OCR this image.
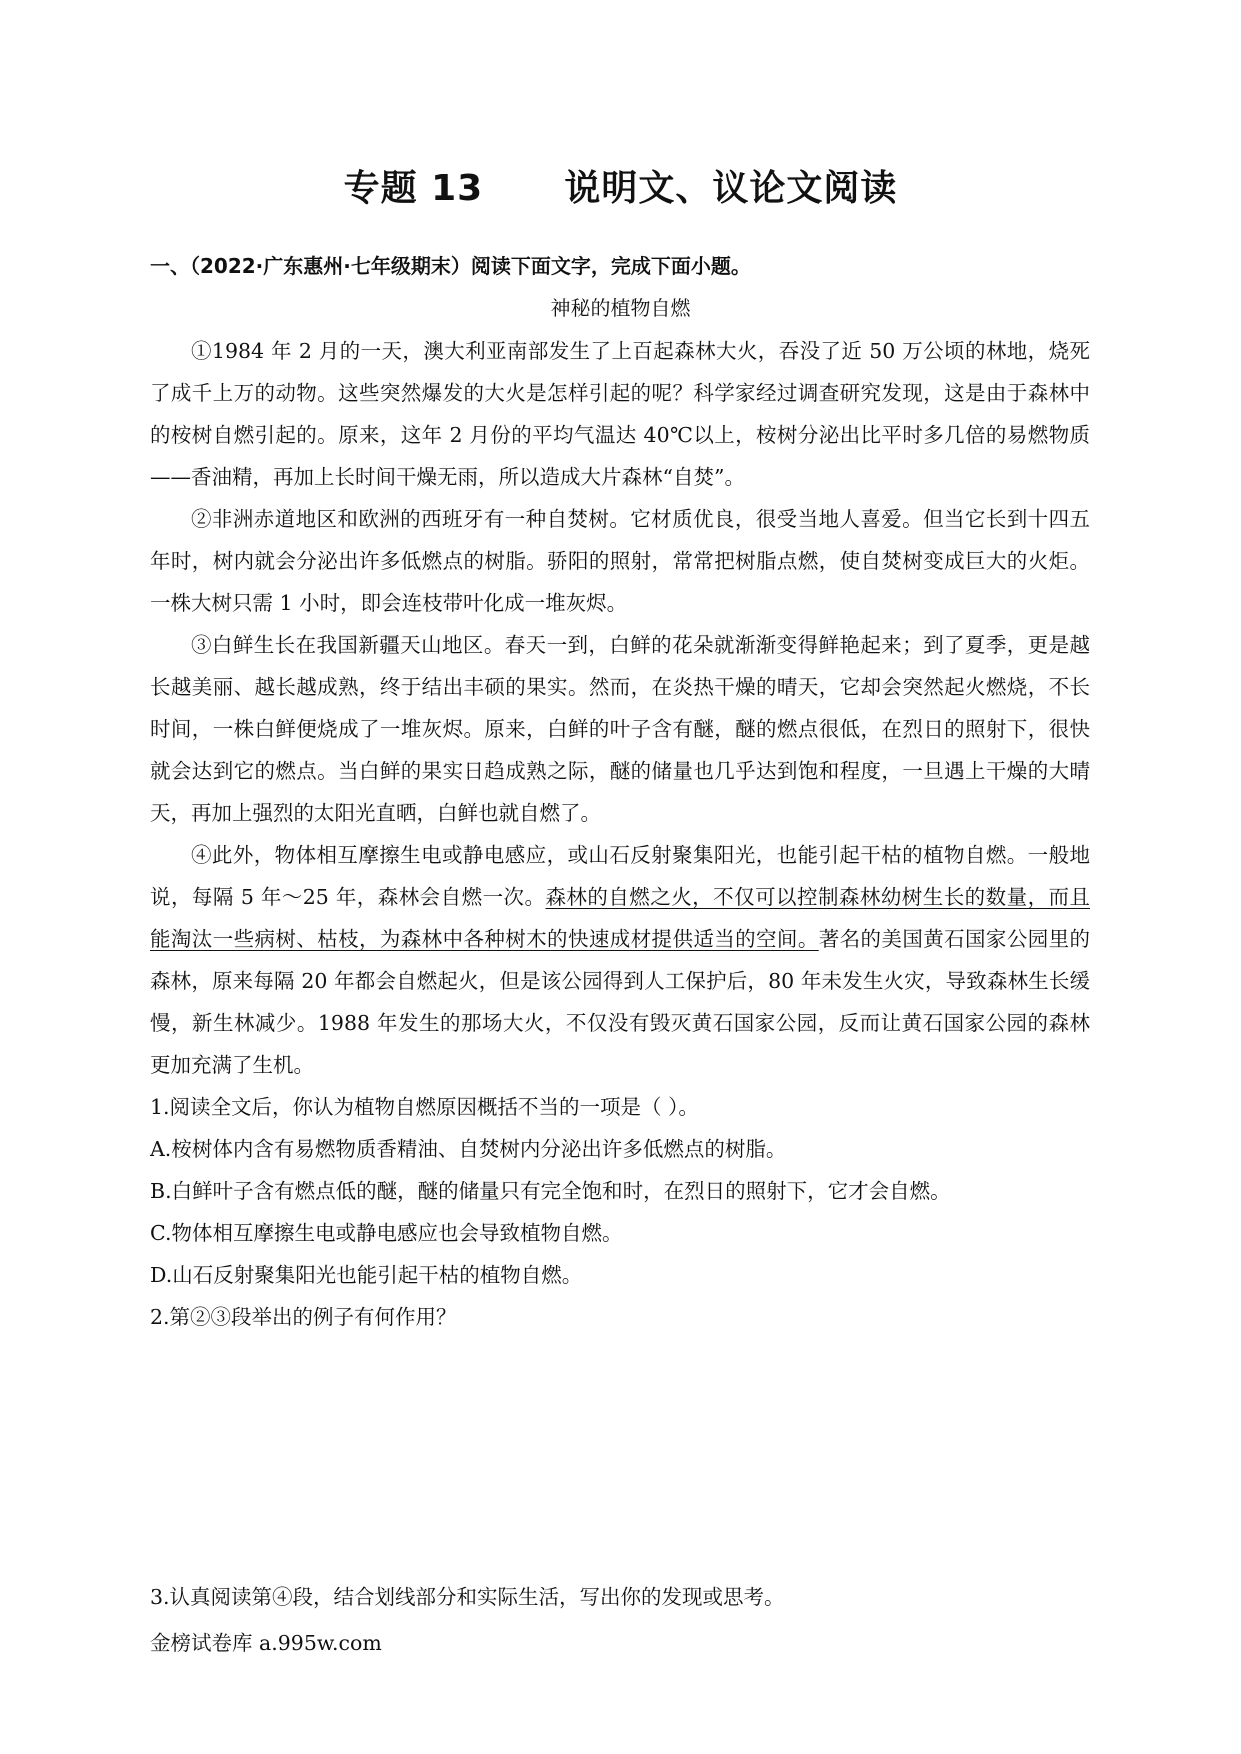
专题 13      说明文、议论文阅读
一、（2022·广东惠州·七年级期末）阅读下面文字，完成下面小题。
神秘的植物自燃

①1984 年 2 月的一天，澳大利亚南部发生了上百起森林大火，吞没了近 50 万公顷的林地，烧死了成千上万的动物。这些突然爆发的大火是怎样引起的呢？科学家经过调查研究发现，这是由于森林中的桉树自燃引起的。原来，这年 2 月份的平均气温达 40℃以上，桉树分泌出比平时多几倍的易燃物质——香油精，再加上长时间干燥无雨，所以造成大片森林“自焚”。

②非洲赤道地区和欧洲的西班牙有一种自焚树。它材质优良，很受当地人喜爱。但当它长到十四五年时，树内就会分泌出许多低燃点的树脂。骄阳的照射，常常把树脂点燃，使自焚树变成巨大的火炬。一株大树只需 1 小时，即会连枝带叶化成一堆灰烬。

③白鲜生长在我国新疆天山地区。春天一到，白鲜的花朵就渐渐变得鲜艳起来；到了夏季，更是越长越美丽、越长越成熟，终于结出丰硕的果实。然而，在炎热干燥的晴天，它却会突然起火燃烧，不长时间，一株白鲜便烧成了一堆灰烬。原来，白鲜的叶子含有醚，醚的燃点很低，在烈日的照射下，很快就会达到它的燃点。当白鲜的果实日趋成熟之际，醚的储量也几乎达到饱和程度，一旦遇上干燥的大晴天，再加上强烈的太阳光直晒，白鲜也就自燃了。

④此外，物体相互摩擦生电或静电感应，或山石反射聚集阳光，也能引起干枯的植物自燃。一般地说，每隔 5 年～25 年，森林会自燃一次。森林的自燃之火，不仅可以控制森林幼树生长的数量，而且能淘汰一些病树、枯枝，为森林中各种树木的快速成材提供适当的空间。著名的美国黄石国家公园里的森林，原来每隔 20 年都会自燃起火，但是该公园得到人工保护后，80 年未发生火灾，导致森林生长缓慢，新生林减少。1988 年发生的那场大火，不仅没有毁灭黄石国家公园，反而让黄石国家公园的森林更加充满了生机。

1.阅读全文后，你认为植物自燃原因概括不当的一项是（ ）。

A.桉树体内含有易燃物质香精油、自焚树内分泌出许多低燃点的树脂。

B.白鲜叶子含有燃点低的醚，醚的储量只有完全饱和时，在烈日的照射下，它才会自燃。

C.物体相互摩擦生电或静电感应也会导致植物自燃。

D.山石反射聚集阳光也能引起干枯的植物自燃。

2.第②③段举出的例子有何作用？

3.认真阅读第④段，结合划线部分和实际生活，写出你的发现或思考。
金榜试卷库 a.995w.com
